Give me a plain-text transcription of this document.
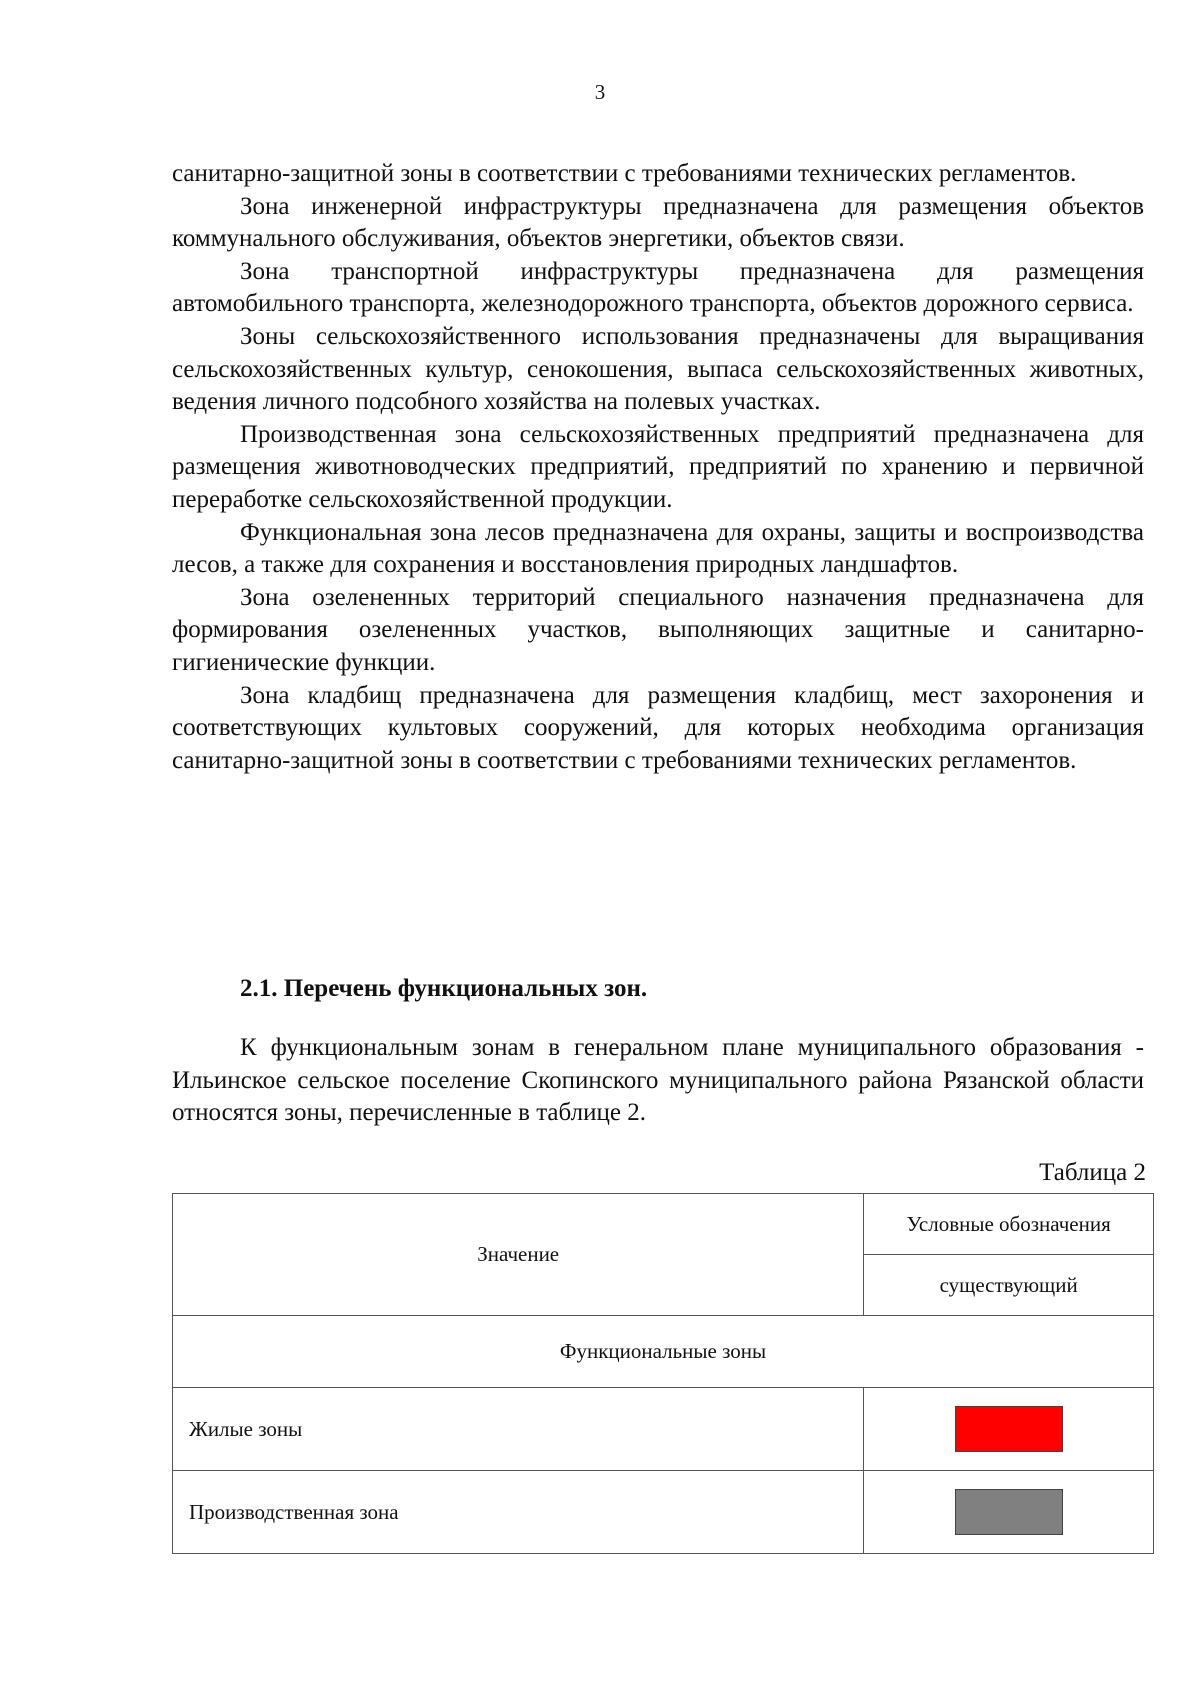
3

санитарно-защитной зоны в соответствии с требованиями технических регламентов.

Зона инженерной инфраструктуры предназначена для размещения объектов коммунального обслуживания, объектов энергетики, объектов связи.

Зона транспортной инфраструктуры предназначена для размещения автомобильного транспорта, железнодорожного транспорта, объектов дорожного сервиса.

Зоны сельскохозяйственного использования предназначены для выращивания сельскохозяйственных культур, сенокошения, выпаса сельскохозяйственных животных, ведения личного подсобного хозяйства на полевых участках.

Производственная зона сельскохозяйственных предприятий предназначена для размещения животноводческих предприятий, предприятий по хранению и первичной переработке сельскохозяйственной продукции.

Функциональная зона лесов предназначена для охраны, защиты и воспроизводства лесов, а также для сохранения и восстановления природных ландшафтов.

Зона озелененных территорий специального назначения предназначена для формирования озелененных участков, выполняющих защитные и санитарно-гигиенические функции.

Зона кладбищ предназначена для размещения кладбищ, мест захоронения и соответствующих культовых сооружений, для которых необходима организация санитарно-защитной зоны в соответствии с требованиями технических регламентов.

2.1. Перечень функциональных зон.

К функциональным зонам в генеральном плане муниципального образования - Ильинское сельское поселение Скопинского муниципального района Рязанской области относятся зоны, перечисленные в таблице 2.

Таблица 2
Значение	Условные обозначения
	существующий
Функциональные зоны	
Жилые зоны	
Производственная зона	
